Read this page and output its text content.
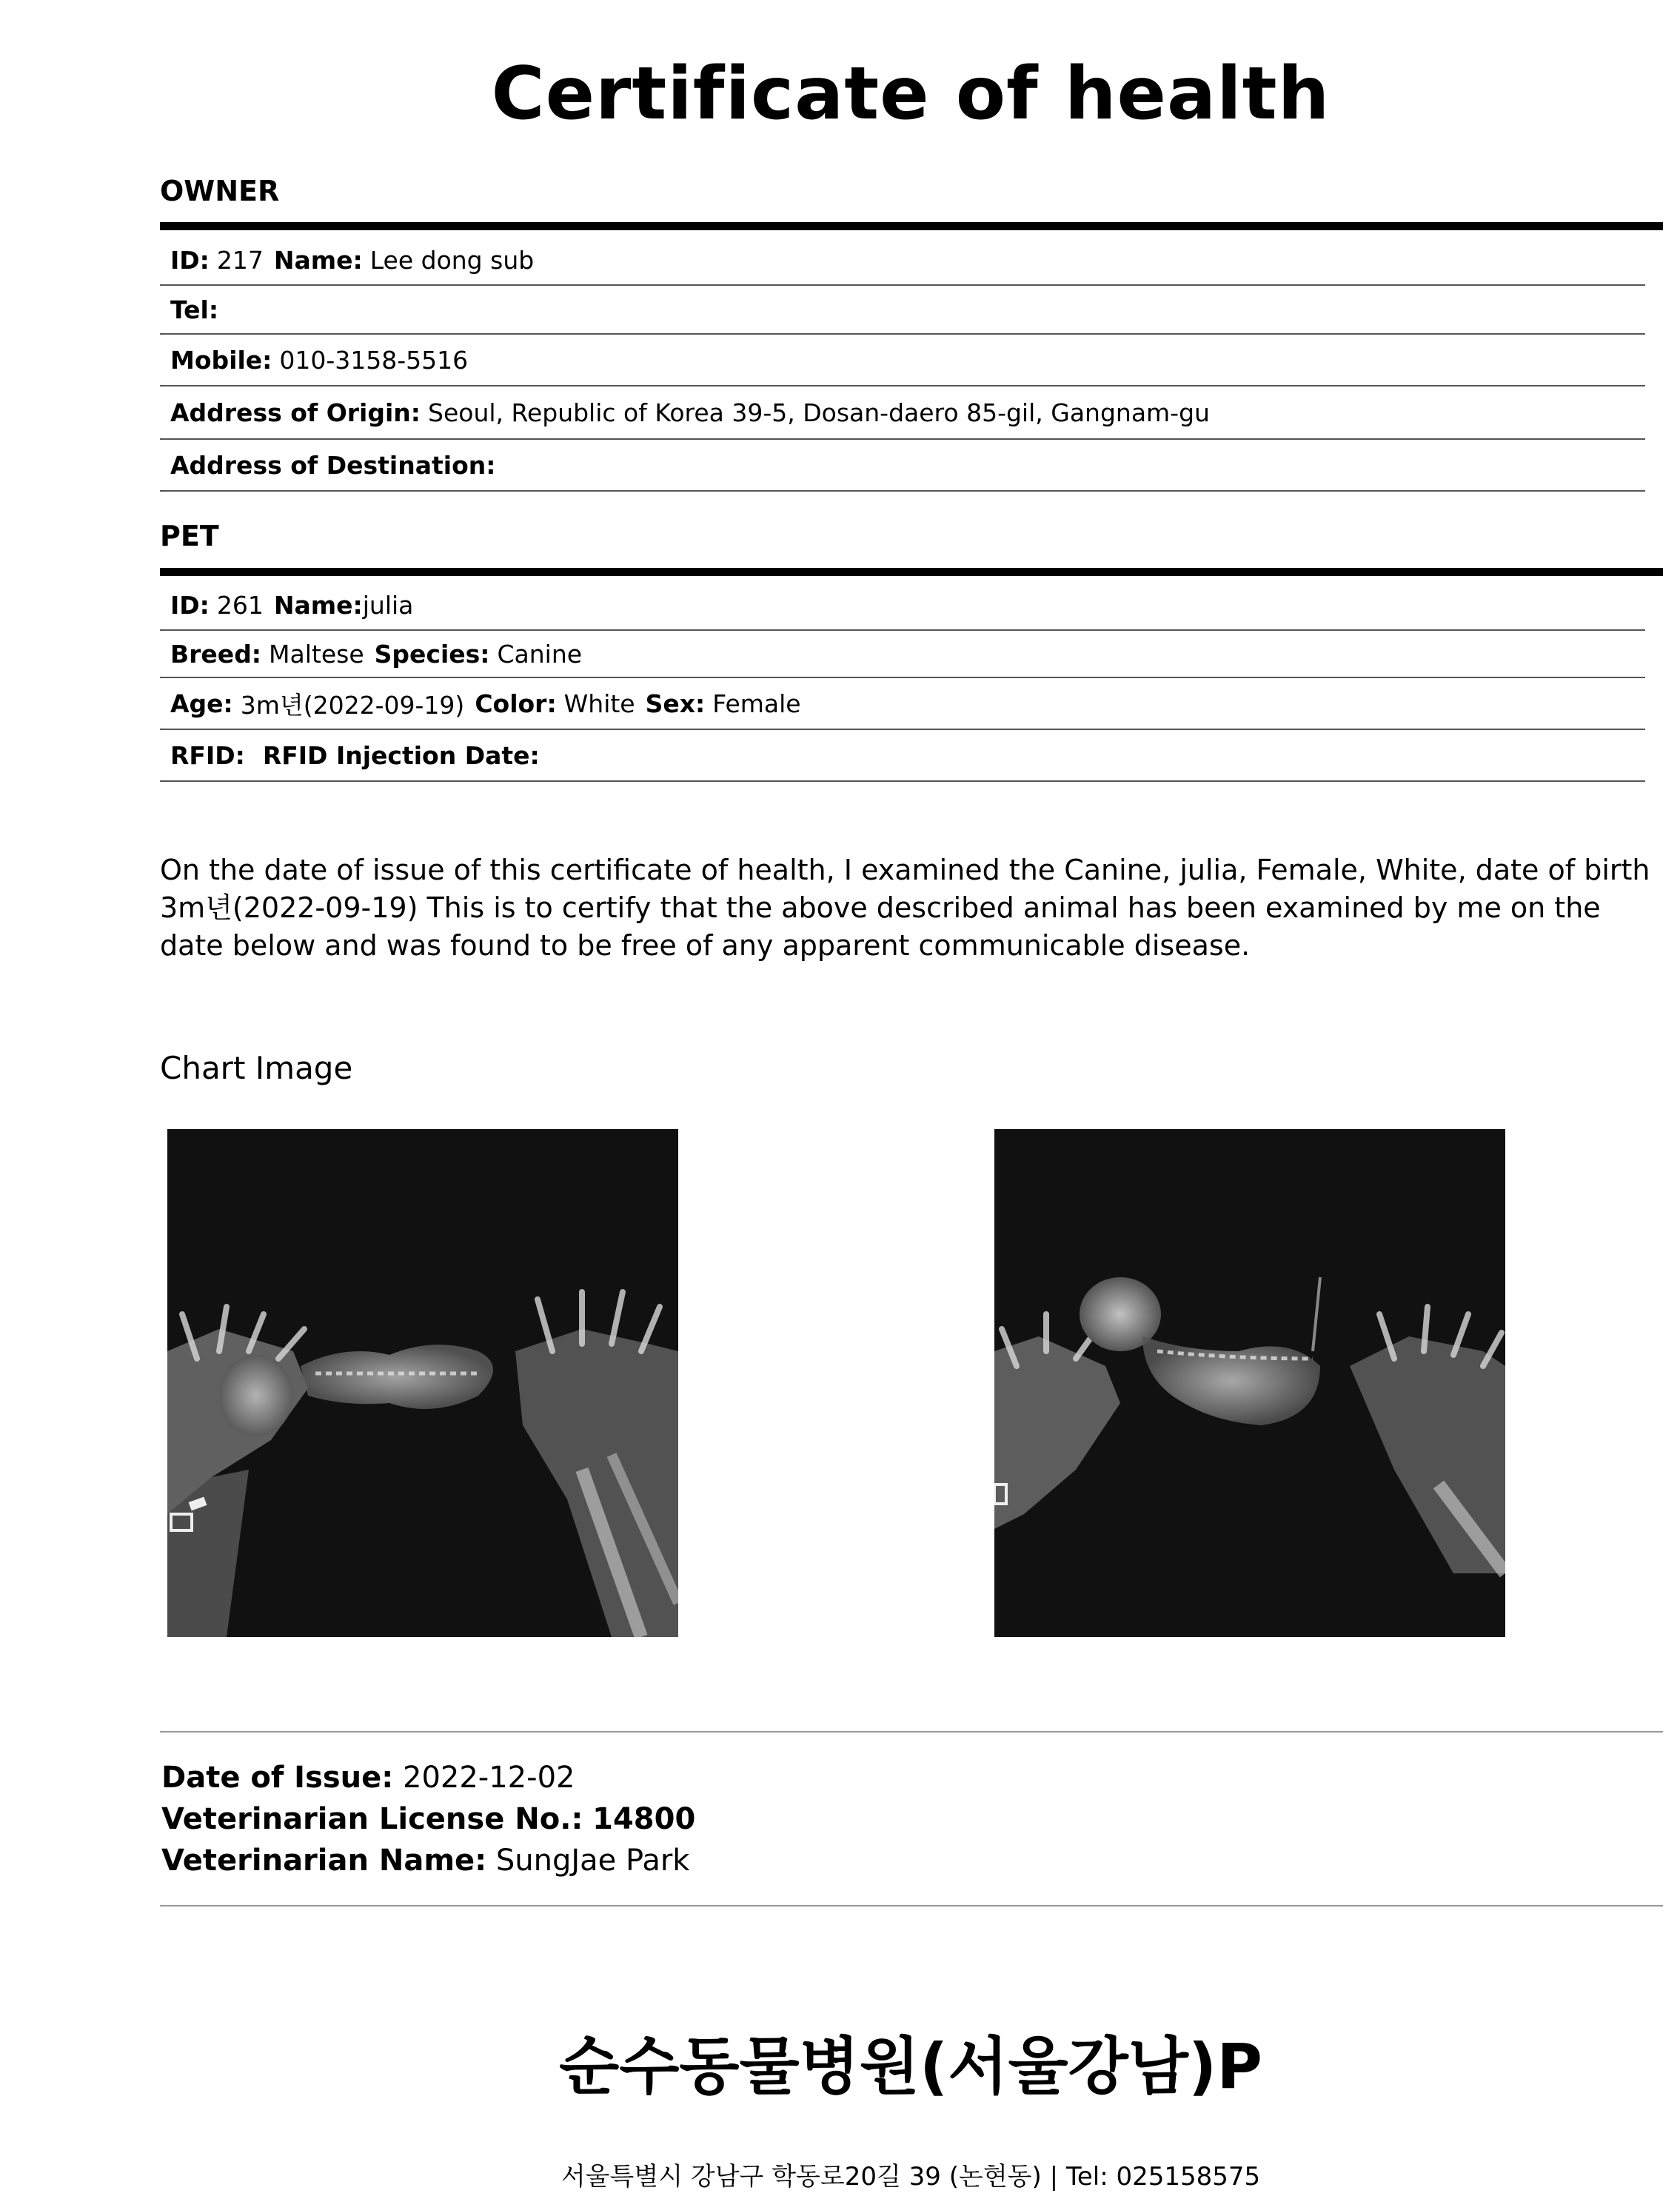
Certificate of health
OWNER
ID: 217 Name: Lee dong sub
Tel:
Mobile: 010-3158-5516
Address of Origin: Seoul, Republic of Korea 39-5, Dosan-daero 85-gil, Gangnam-gu
Address of Destination:
PET
ID: 261 Name: julia
Breed: Maltese Species: Canine
Age: 3m년(2022-09-19) Color: White Sex: Female
RFID: RFID Injection Date:
On the date of issue of this certificate of health, I examined the Canine, julia, Female, White, date of birth 3m년(2022-09-19) This is to certify that the above described animal has been examined by me on the date below and was found to be free of any apparent communicable disease.
Chart Image
Date of Issue: 2022-12-02
Veterinarian License No.: 14800
Veterinarian Name: SungJae Park
순수동물병원(서울강남)P
서울특별시 강남구 학동로20길 39 (논현동) | Tel: 025158575
